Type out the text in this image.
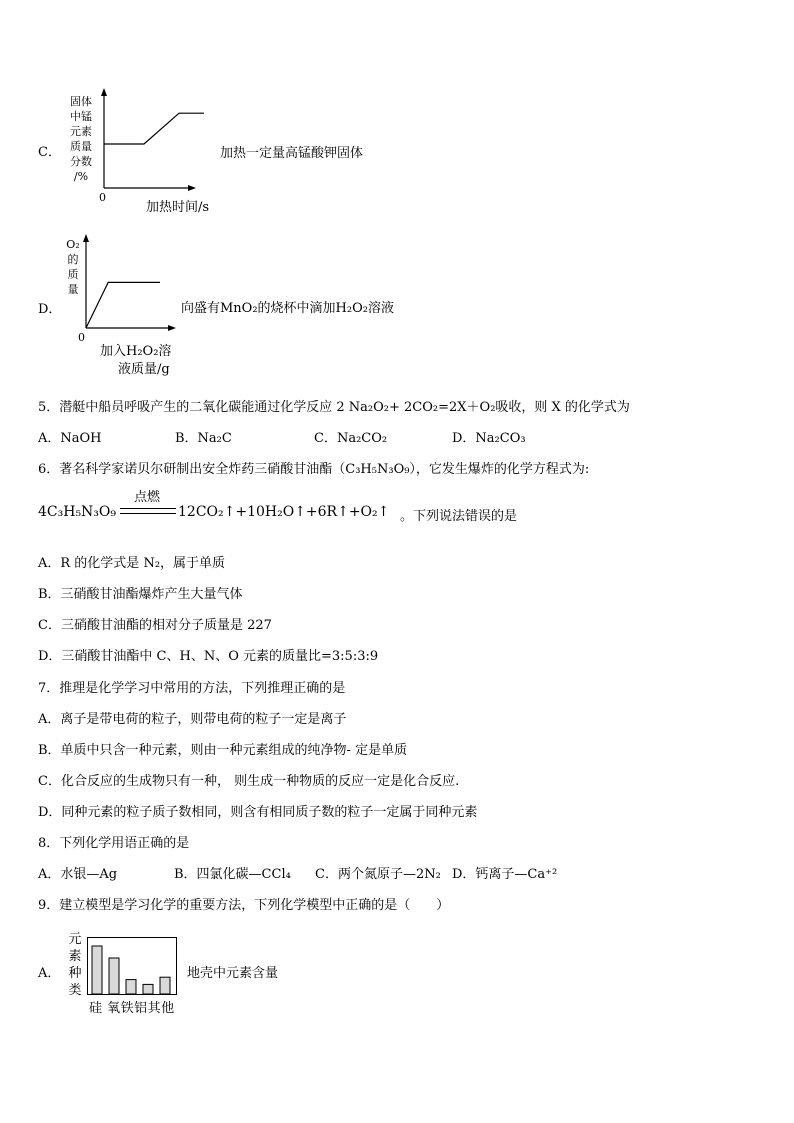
C．
固体
中锰
元素
质量
分数
/%
0
加热时间/s
加热一定量高锰酸钾固体
D．
O₂
的
质
量
0
加入H₂O₂溶
液质量/g
向盛有MnO₂的烧杯中滴加H₂O₂溶液
5．潜艇中船员呼吸产生的二氧化碳能通过化学反应 2 Na₂O₂+ 2CO₂=2X＋O₂吸收，则 X 的化学式为
A．NaOH	B．Na₂C	C．Na₂CO₂	D．Na₂CO₃
6．著名科学家诺贝尔研制出安全炸药三硝酸甘油酯（C₃H₅N₃O₉），它发生爆炸的化学方程式为:
4C₃H₅N₃O₉
点燃
12CO₂↑+10H₂O↑+6R↑+O₂↑ 。下列说法错误的是
A．R 的化学式是 N₂，属于单质
B．三硝酸甘油酯爆炸产生大量气体
C．三硝酸甘油酯的相对分子质量是 227
D．三硝酸甘油酯中 C、H、N、O 元素的质量比=3:5:3:9
7．推理是化学学习中常用的方法，下列推理正确的是
A．离子是带电荷的粒子，则带电荷的粒子一定是离子
B．单质中只含一种元素，则由一种元素组成的纯净物- 定是单质
C．化合反应的生成物只有一种， 则生成一种物质的反应一定是化合反应.
D．同种元素的粒子质子数相同，则含有相同质子数的粒子一定属于同种元素
8．下列化学用语正确的是
A．水银—Ag	B．四氯化碳—CCl₄ C．两个氮原子—2N₂ D．钙离子—Ca⁺²
9．建立模型是学习化学的重要方法，下列化学模型中正确的是（　　）
A．
元
素
种
类
硅 氧铁铝其他
地壳中元素含量
